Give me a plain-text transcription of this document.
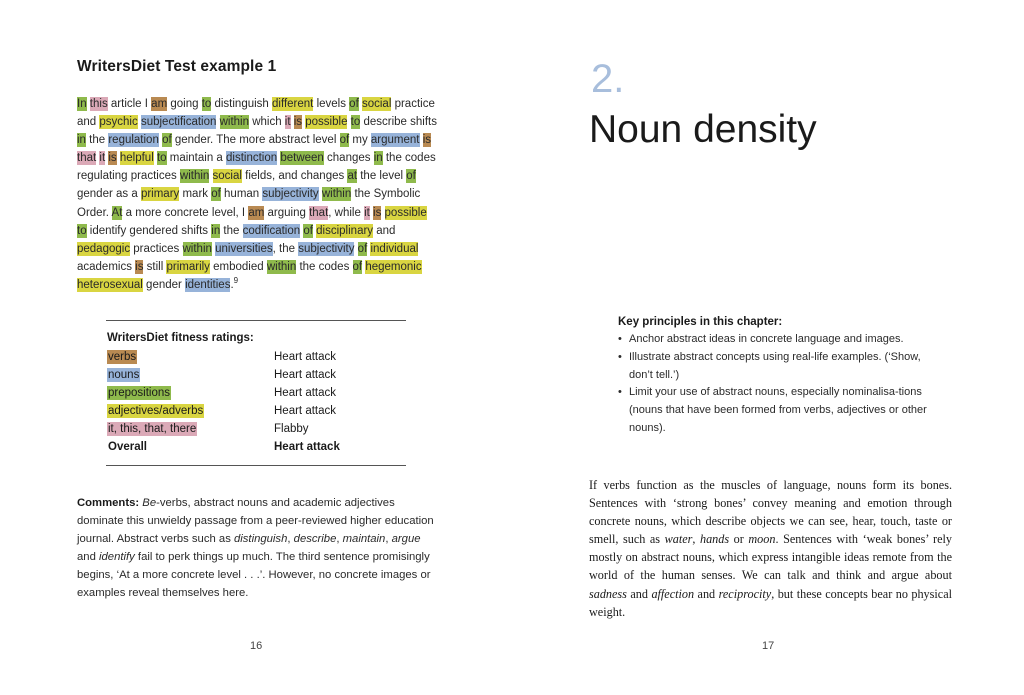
WritersDiet Test example 1
In this article I am going to distinguish different levels of social practice and psychic subjectification within which it is possible to describe shifts in the regulation of gender. The more abstract level of my argument is that it is helpful to maintain a distinction between changes in the codes regulating practices within social fields, and changes at the level of gender as a primary mark of human subjectivity within the Symbolic Order. At a more concrete level, I am arguing that, while it is possible to identify gendered shifts in the codification of disciplinary and pedagogic practices within universities, the subjectivity of individual academics is still primarily embodied within the codes of hegemonic heterosexual gender identities.$^9$
WritersDiet fitness ratings:
verbs	Heart attack
nouns	Heart attack
prepositions	Heart attack
adjectives/adverbs	Heart attack
it, this, that, there	Flabby
Overall	Heart attack
Comments: Be-verbs, abstract nouns and academic adjectives dominate this unwieldy passage from a peer-reviewed higher education journal. Abstract verbs such as distinguish, describe, maintain, argue and identify fail to perk things up much. The third sentence promisingly begins, ‘At a more concrete level . . .’. However, no concrete images or examples reveal themselves here.
16
2.
Noun density
Key principles in this chapter:
• Anchor abstract ideas in concrete language and images.
• Illustrate abstract concepts using real-life examples. (‘Show, don’t tell.’)
• Limit your use of abstract nouns, especially nominalisa-tions (nouns that have been formed from verbs, adjectives or other nouns).
If verbs function as the muscles of language, nouns form its bones. Sentences with ‘strong bones’ convey meaning and emotion through concrete nouns, which describe objects we can see, hear, touch, taste or smell, such as water, hands or moon. Sentences with ‘weak bones’ rely mostly on abstract nouns, which express intangible ideas remote from the world of the human senses. We can talk and think and argue about sadness and affection and reciprocity, but these concepts bear no physical weight.
17
